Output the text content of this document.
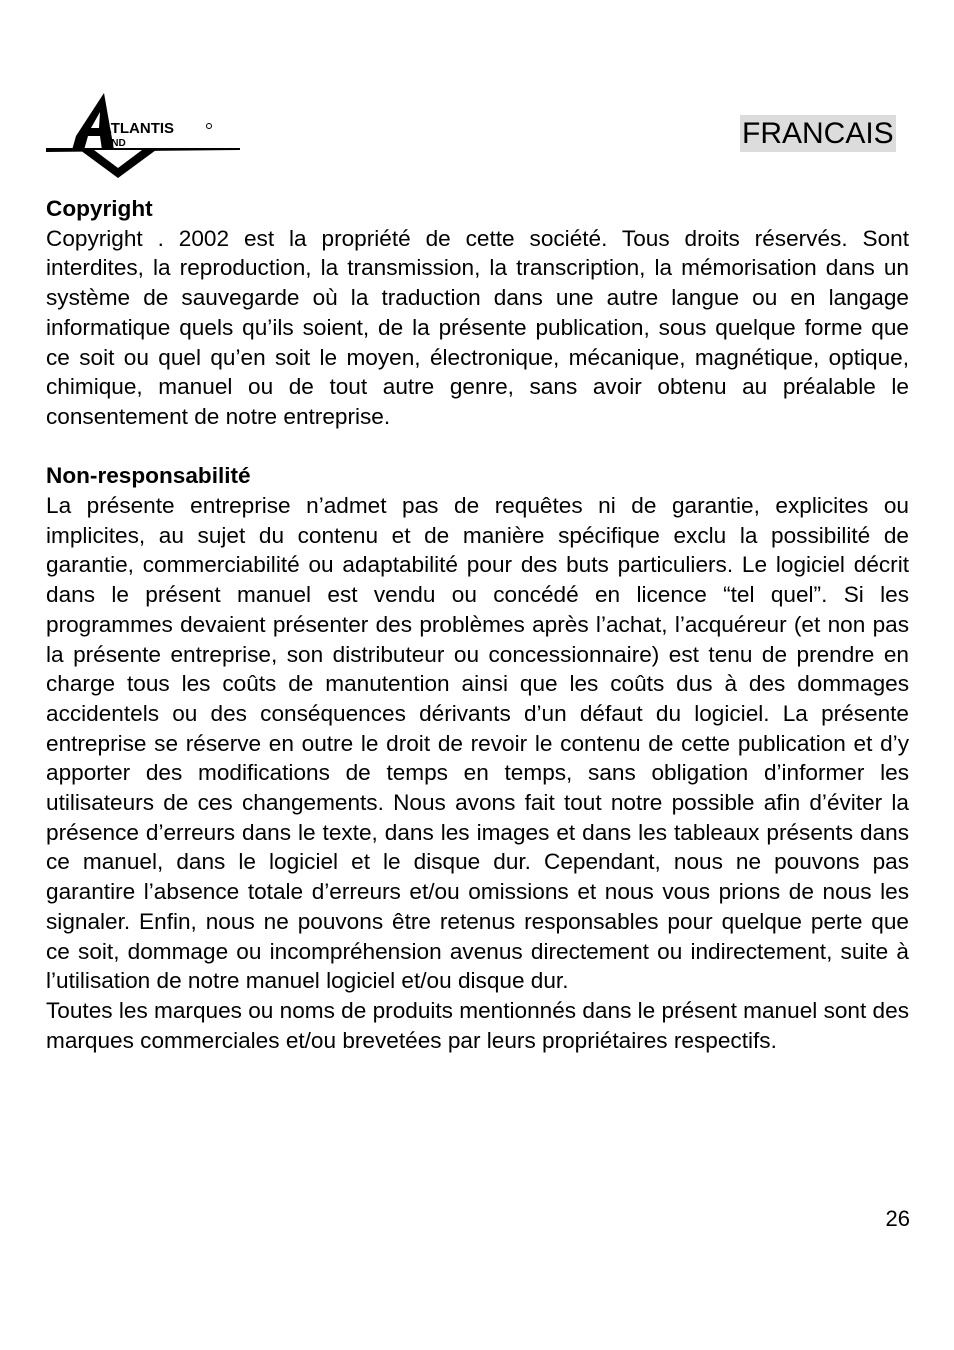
ATLANTIS
AND	FRANCAIS

Copyright

Copyright . 2002 est la propriété de cette société. Tous droits réservés. Sont interdites, la reproduction, la transmission, la transcription, la mémorisation dans un système de sauvegarde où la traduction dans une autre langue ou en langage informatique quels qu’ils soient, de la présente publication, sous quelque forme que ce soit ou quel qu’en soit le moyen, électronique, mécanique, magnétique, optique, chimique, manuel ou de tout autre genre, sans avoir obtenu au préalable le consentement de notre entreprise.

Non-responsabilité

La présente entreprise n’admet pas de requêtes ni de garantie, explicites ou implicites, au sujet du contenu et de manière spécifique exclu la possibilité de garantie, commerciabilité ou adaptabilité pour des buts particuliers. Le logiciel décrit dans le présent manuel est vendu ou concédé en licence “tel quel”. Si les programmes devaient présenter des problèmes après l’achat, l’acquéreur (et non pas la présente entreprise, son distributeur ou concessionnaire) est tenu de prendre en charge tous les coûts de manutention ainsi que les coûts dus à des dommages accidentels ou des conséquences dérivants d’un défaut du logiciel. La présente entreprise se réserve en outre le droit de revoir le contenu de cette publication et d’y apporter des modifications de temps en temps, sans obligation d’informer les utilisateurs de ces changements. Nous avons fait tout notre possible afin d’éviter la présence d’erreurs dans le texte, dans les images et dans les tableaux présents dans ce manuel, dans le logiciel et le disque dur. Cependant, nous ne pouvons pas garantire l’absence totale d’erreurs et/ou omissions et nous vous prions de nous les signaler. Enfin, nous ne pouvons être retenus responsables pour quelque perte que ce soit, dommage ou incompréhension avenus directement ou indirectement, suite à l’utilisation de notre manuel logiciel et/ou disque dur.

Toutes les marques ou noms de produits mentionnés dans le présent manuel sont des marques commerciales et/ou brevetées par leurs propriétaires respectifs.

26
